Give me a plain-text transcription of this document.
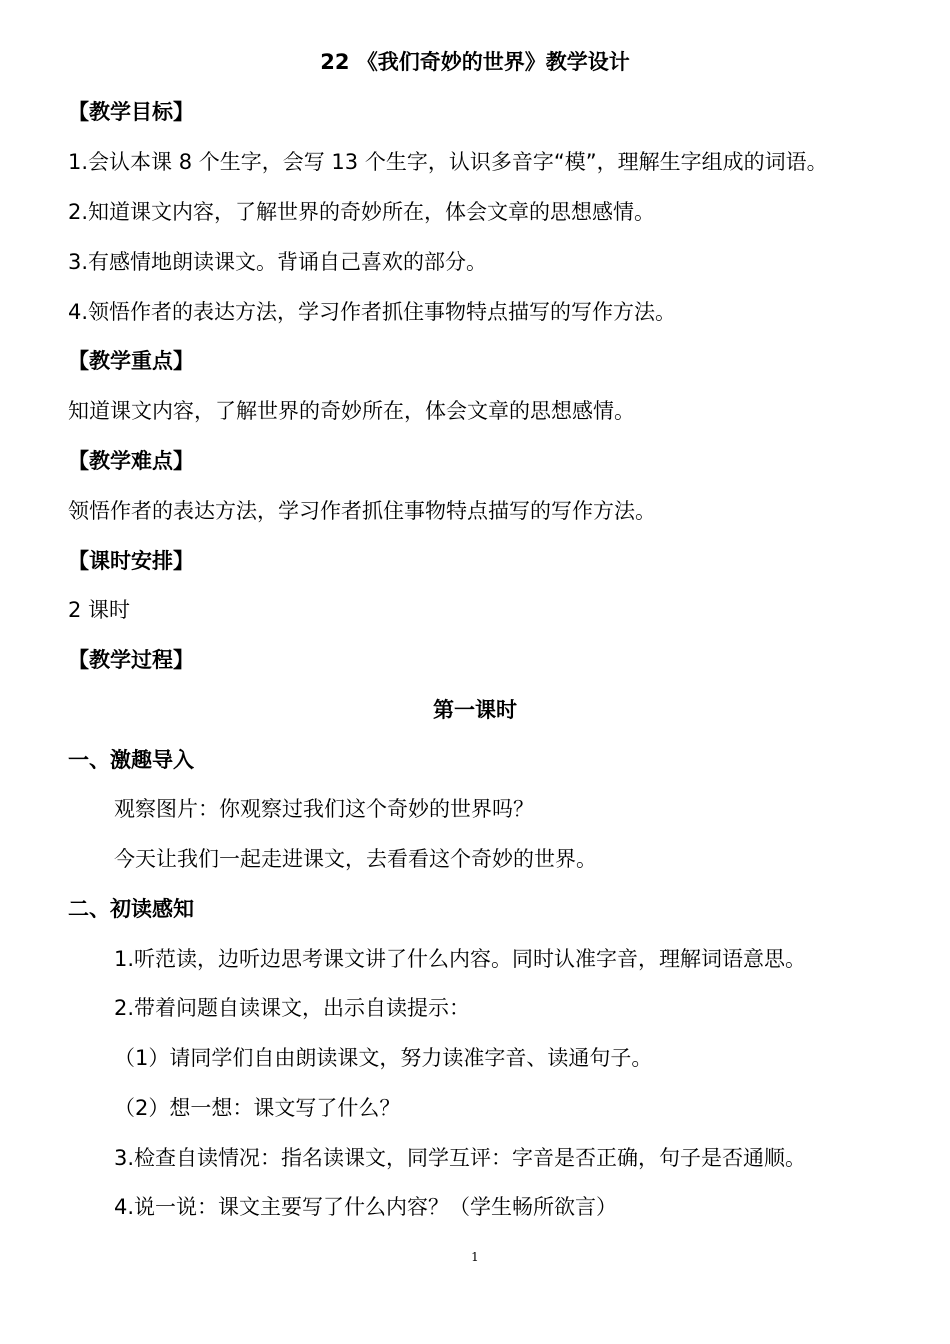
22 《我们奇妙的世界》教学设计
【教学目标】
1.会认本课 8 个生字，会写 13 个生字，认识多音字“模”，理解生字组成的词语。
2.知道课文内容，了解世界的奇妙所在，体会文章的思想感情。
3.有感情地朗读课文。背诵自己喜欢的部分。
4.领悟作者的表达方法，学习作者抓住事物特点描写的写作方法。
【教学重点】
知道课文内容，了解世界的奇妙所在，体会文章的思想感情。
【教学难点】
领悟作者的表达方法，学习作者抓住事物特点描写的写作方法。
【课时安排】
2 课时
【教学过程】
第一课时
一、激趣导入
观察图片：你观察过我们这个奇妙的世界吗？
今天让我们一起走进课文，去看看这个奇妙的世界。
二、初读感知
1.听范读，边听边思考课文讲了什么内容。同时认准字音，理解词语意思。
2.带着问题自读课文，出示自读提示：
（1）请同学们自由朗读课文，努力读准字音、读通句子。
（2）想一想：课文写了什么？
3.检查自读情况：指名读课文，同学互评：字音是否正确，句子是否通顺。
4.说一说：课文主要写了什么内容？（学生畅所欲言）
1
